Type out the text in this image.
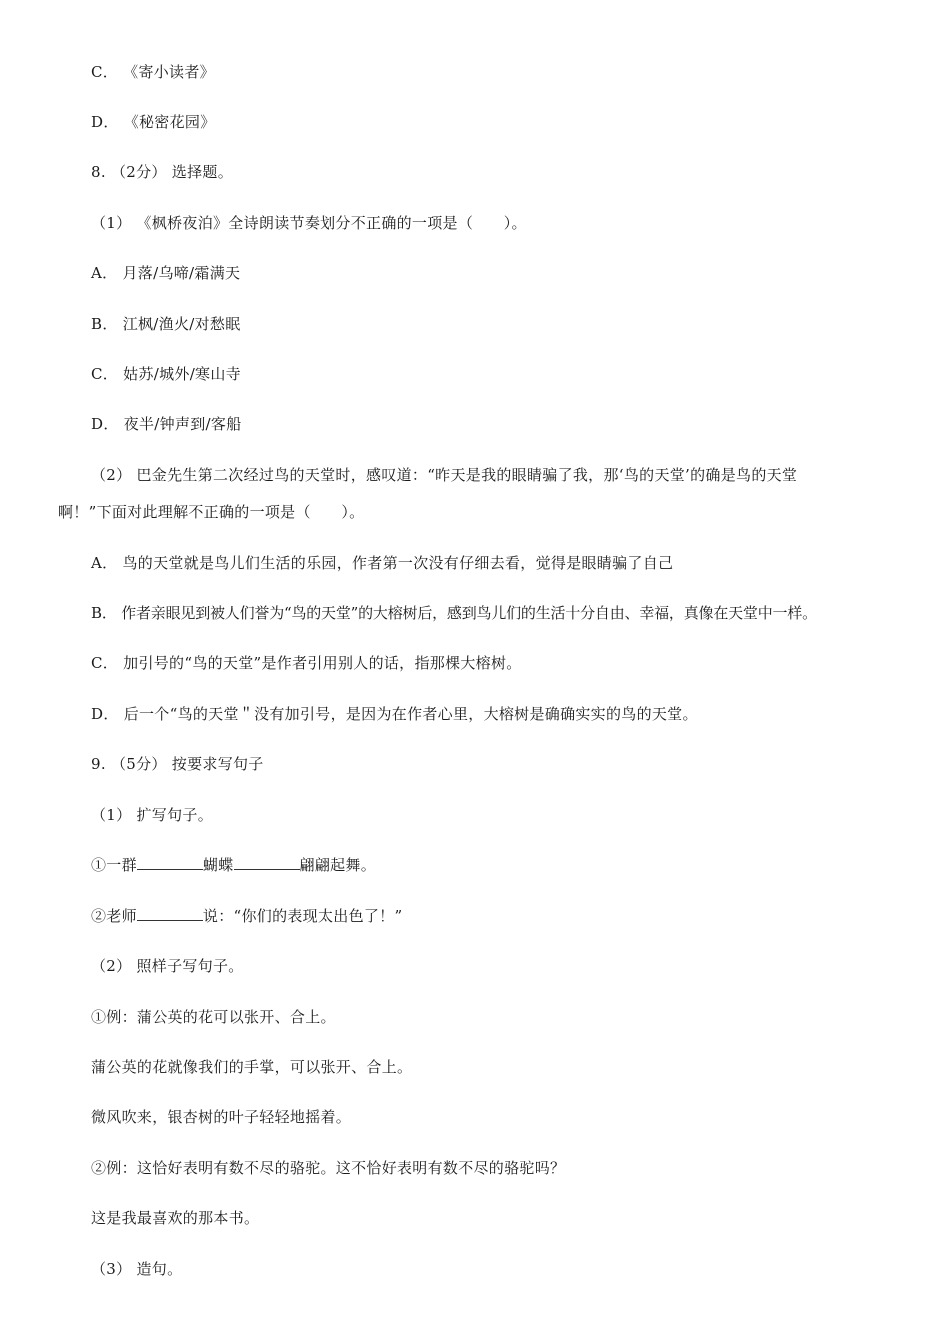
C． 《寄小读者》
D． 《秘密花园》
8. （2分） 选择题。
（1） 《枫桥夜泊》全诗朗读节奏划分不正确的一项是（　　）。
A． 月落/乌啼/霜满天
B． 江枫/渔火/对愁眠
C． 姑苏/城外/寒山寺
D． 夜半/钟声到/客船
（2） 巴金先生第二次经过鸟的天堂时，感叹道：“昨天是我的眼睛骗了我，那‘鸟的天堂’的确是鸟的天堂
啊！”下面对此理解不正确的一项是（　　）。
A． 鸟的天堂就是鸟儿们生活的乐园，作者第一次没有仔细去看，觉得是眼睛骗了自己
B． 作者亲眼见到被人们誉为“鸟的天堂”的大榕树后，感到鸟儿们的生活十分自由、幸福，真像在天堂中一样。
C． 加引号的“鸟的天堂”是作者引用别人的话，指那棵大榕树。
D． 后一个“鸟的天堂＂没有加引号，是因为在作者心里，大榕树是确确实实的鸟的天堂。
9. （5分） 按要求写句子
（1） 扩写句子。
①一群	蝴蝶	翩翩起舞。
②老师	说：“你们的表现太出色了！”
（2） 照样子写句子。
①例：蒲公英的花可以张开、合上。
蒲公英的花就像我们的手掌，可以张开、合上。
微风吹来，银杏树的叶子轻轻地摇着。
②例：这恰好表明有数不尽的骆驼。这不恰好表明有数不尽的骆驼吗？
这是我最喜欢的那本书。
（3） 造句。
